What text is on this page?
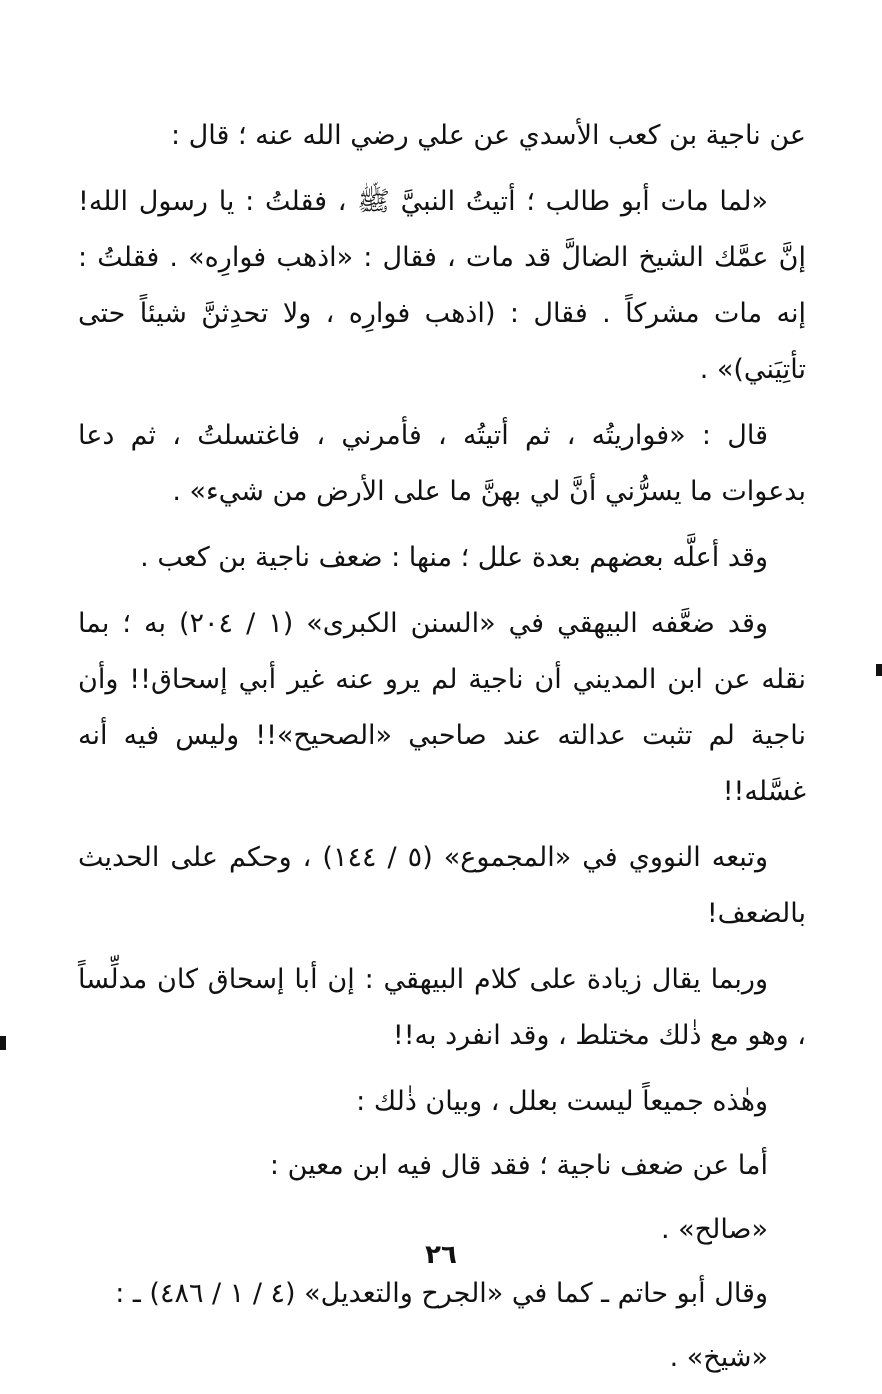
عن ناجية بن كعب الأسدي عن علي رضي الله عنه ؛ قال :

«لما مات أبو طالب ؛ أتيتُ النبيَّ ﷺ ، فقلتُ : يا رسول الله! إنَّ عمَّك الشيخ الضالَّ قد مات ، فقال : «اذهب فوارِه» . فقلتُ : إنه مات مشركاً . فقال : (اذهب فوارِه ، ولا تحدِثنَّ شيئاً حتى تأتِيَني)» .

قال : «فواريتُه ، ثم أتيتُه ، فأمرني ، فاغتسلتُ ، ثم دعا بدعوات ما يسرُّني أنَّ لي بهنَّ ما على الأرض من شيء» .

وقد أعلَّه بعضهم بعدة علل ؛ منها : ضعف ناجية بن كعب .

وقد ضعَّفه البيهقي في «السنن الكبرى» (١ / ٢٠٤) به ؛ بما نقله عن ابن المديني أن ناجية لم يرو عنه غير أبي إسحاق!! وأن ناجية لم تثبت عدالته عند صاحبي «الصحيح»!! وليس فيه أنه غسَّله!!

وتبعه النووي في «المجموع» (٥ / ١٤٤) ، وحكم على الحديث بالضعف!

وربما يقال زيادة على كلام البيهقي : إن أبا إسحاق كان مدلِّساً ، وهو مع ذٰلك مختلط ، وقد انفرد به!!

وهٰذه جميعاً ليست بعلل ، وبيان ذٰلك :

أما عن ضعف ناجية ؛ فقد قال فيه ابن معين :

«صالح» .

وقال أبو حاتم ـ كما في «الجرح والتعديل» (٤ / ١ / ٤٨٦) ـ :

«شيخ» .

٢٦
